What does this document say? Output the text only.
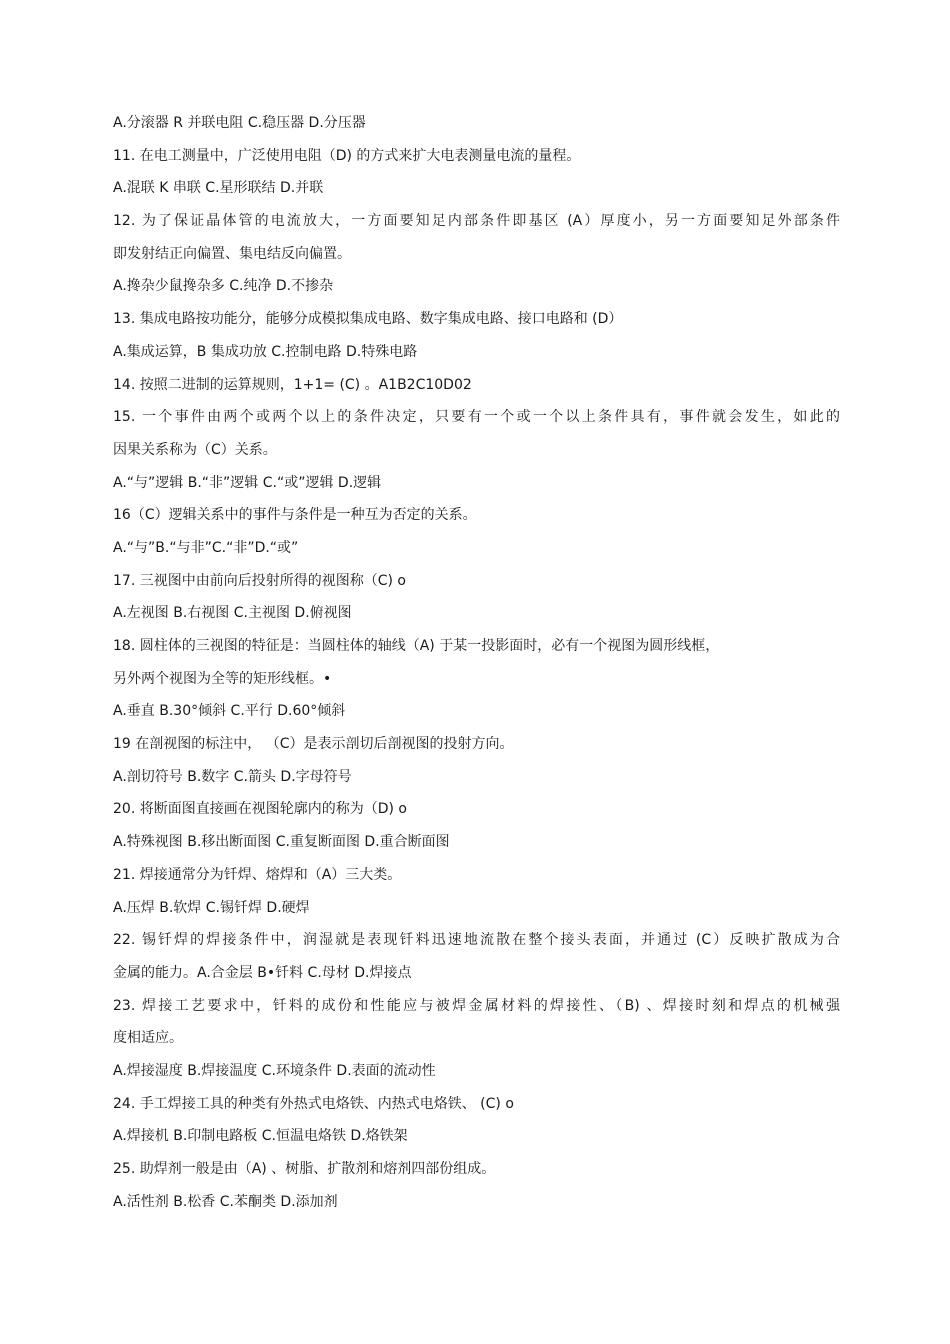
A.分滚器 R 并联电阻 C.稳压器 D.分压器
11. 在电工测量中，广泛使用电阻（D) 的方式来扩大电表测量电流的量程。
A.混联 K 串联 C.星形联结 D.并联
12. 为了保证晶体管的电流放大，一方面要知足内部条件即基区 (A）厚度小，另一方面要知足外部条件
即发射结正向偏置、集电结反向偏置。
A.搀杂少鼠搀杂多 C.纯净 D.不掺杂
13. 集成电路按功能分，能够分成模拟集成电路、数字集成电路、接口电路和 (D）
A.集成运算，B 集成功放 C.控制电路 D.特殊电路
14. 按照二进制的运算规则，1+1= (C) 。A1B2C10D02
15. 一个事件由两个或两个以上的条件决定，只要有一个或一个以上条件具有，事件就会发生，如此的
因果关系称为（C）关系。
A.“与”逻辑 B.“非”逻辑 C.“或”逻辑 D.逻辑
16（C）逻辑关系中的事件与条件是一种互为否定的关系。
A.“与”B.“与非”C.“非”D.“或”
17. 三视图中由前向后投射所得的视图称（C) o
A.左视图 B.右视图 C.主视图 D.俯视图
18. 圆柱体的三视图的特征是：当圆柱体的轴线（A) 于某一投影面时，必有一个视图为圆形线框，
另外两个视图为全等的矩形线框。•
A.垂直 B.30°倾斜 C.平行 D.60°倾斜
19 在剖视图的标注中， （C）是表示剖切后剖视图的投射方向。
A.剖切符号 B.数字 C.箭头 D.字母符号
20. 将断面图直接画在视图轮廓内的称为（D) o
A.特殊视图 B.移出断面图 C.重复断面图 D.重合断面图
21. 焊接通常分为钎焊、熔焊和（A）三大类。
A.压焊 B.软焊 C.锡钎焊 D.硬焊
22. 锡钎焊的焊接条件中，润湿就是表现钎料迅速地流散在整个接头表面，并通过 (C）反映扩散成为合
金属的能力。A.合金层 B•钎料 C.母材 D.焊接点
23. 焊接工艺要求中，钎料的成份和性能应与被焊金属材料的焊接性、（B) 、焊接时刻和焊点的机械强
度相适应。
A.焊接湿度 B.焊接温度 C.环境条件 D.表面的流动性
24. 手工焊接工具的种类有外热式电烙铁、内热式电烙铁、 (C) o
A.焊接机 B.印制电路板 C.恒温电烙铁 D.烙铁架
25. 助焊剂一般是由（A) 、树脂、扩散剂和熔剂四部份组成。
A.活性剂 B.松香 C.苯酮类 D.添加剂
